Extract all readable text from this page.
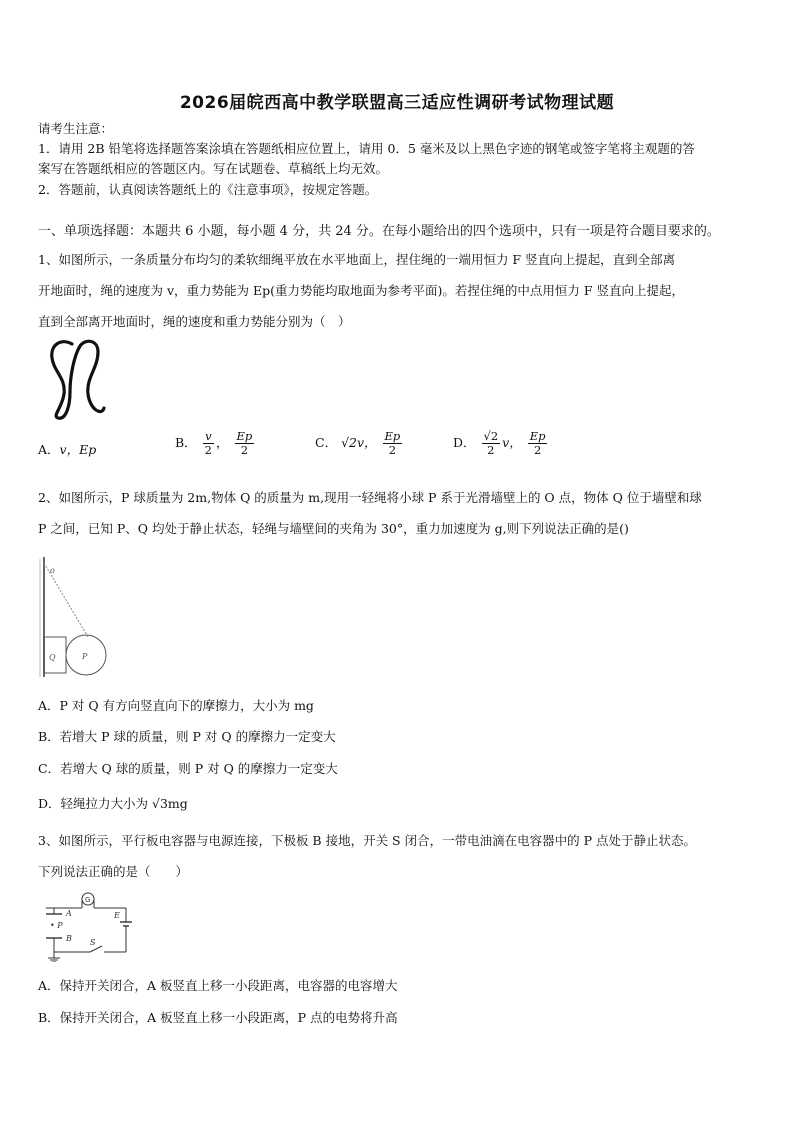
2026届皖西高中教学联盟高三适应性调研考试物理试题
请考生注意：
1．请用 2B 铅笔将选择题答案涂填在答题纸相应位置上，请用 0．5 毫米及以上黑色字迹的钢笔或签字笔将主观题的答
案写在答题纸相应的答题区内。写在试题卷、草稿纸上均无效。
2．答题前，认真阅读答题纸上的《注意事项》，按规定答题。
一、单项选择题：本题共 6 小题，每小题 4 分，共 24 分。在每小题给出的四个选项中，只有一项是符合题目要求的。
1、如图所示，一条质量分布均匀的柔软细绳平放在水平地面上，捏住绳的一端用恒力 F 竖直向上提起，直到全部离
开地面时，绳的速度为 v，重力势能为 Ep(重力势能均取地面为参考平面)。若捏住绳的中点用恒力 F 竖直向上提起，
直到全部离开地面时，绳的速度和重力势能分别为（　）
A．v，Ep	B． $\frac{v}{2}$ ， $\frac{Ep}{2}$	C． √2v， $\frac{Ep}{2}$	D． $\frac{√2}{2}$ v， $\frac{Ep}{2}$
2、如图所示，P 球质量为 2m,物体 Q 的质量为 m,现用一轻绳将小球 P 系于光滑墙壁上的 O 点，物体 Q 位于墙壁和球
P 之间，已知 P、Q 均处于静止状态，轻绳与墙壁间的夹角为 30°，重力加速度为 g,则下列说法正确的是()
o
Q	P
A．P 对 Q 有方向竖直向下的摩擦力，大小为 mg
B．若增大 P 球的质量，则 P 对 Q 的摩擦力一定变大
C．若增大 Q 球的质量，则 P 对 Q 的摩擦力一定变大
D．轻绳拉力大小为 √3mg
3、如图所示，平行板电容器与电源连接，下极板 B 接地，开关 S 闭合，一带电油滴在电容器中的 P 点处于静止状态。
下列说法正确的是（　　）
G
A
• P
B S
E
A．保持开关闭合，A 板竖直上移一小段距离，电容器的电容增大
B．保持开关闭合，A 板竖直上移一小段距离，P 点的电势将升高
